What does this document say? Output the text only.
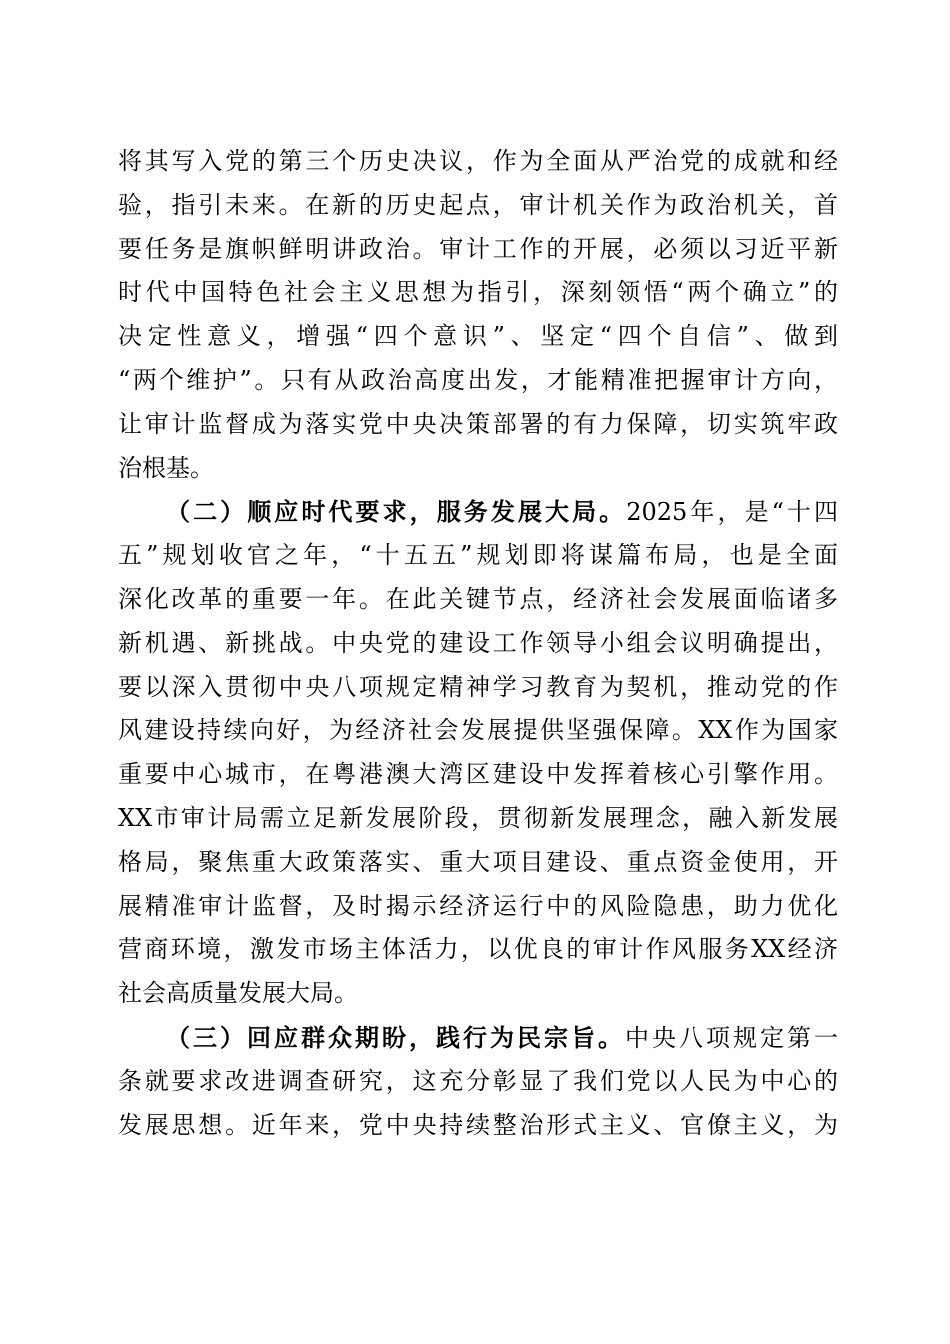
将其写入党的第三个历史决议，作为全面从严治党的成就和经
验，指引未来。在新的历史起点，审计机关作为政治机关，首
要任务是旗帜鲜明讲政治。审计工作的开展，必须以习近平新
时代中国特色社会主义思想为指引，深刻领悟“两个确立”的
决定性意义，增强“四个意识”、坚定“四个自信”、做到
“两个维护”。只有从政治高度出发，才能精准把握审计方向，
让审计监督成为落实党中央决策部署的有力保障，切实筑牢政
治根基。
（二）顺应时代要求，服务发展大局。2025年，是“十四
五”规划收官之年，“十五五”规划即将谋篇布局，也是全面
深化改革的重要一年。在此关键节点，经济社会发展面临诸多
新机遇、新挑战。中央党的建设工作领导小组会议明确提出，
要以深入贯彻中央八项规定精神学习教育为契机，推动党的作
风建设持续向好，为经济社会发展提供坚强保障。XX作为国家
重要中心城市，在粤港澳大湾区建设中发挥着核心引擎作用。
XX市审计局需立足新发展阶段，贯彻新发展理念，融入新发展
格局，聚焦重大政策落实、重大项目建设、重点资金使用，开
展精准审计监督，及时揭示经济运行中的风险隐患，助力优化
营商环境，激发市场主体活力，以优良的审计作风服务XX经济
社会高质量发展大局。
（三）回应群众期盼，践行为民宗旨。中央八项规定第一
条就要求改进调查研究，这充分彰显了我们党以人民为中心的
发展思想。近年来，党中央持续整治形式主义、官僚主义，为
